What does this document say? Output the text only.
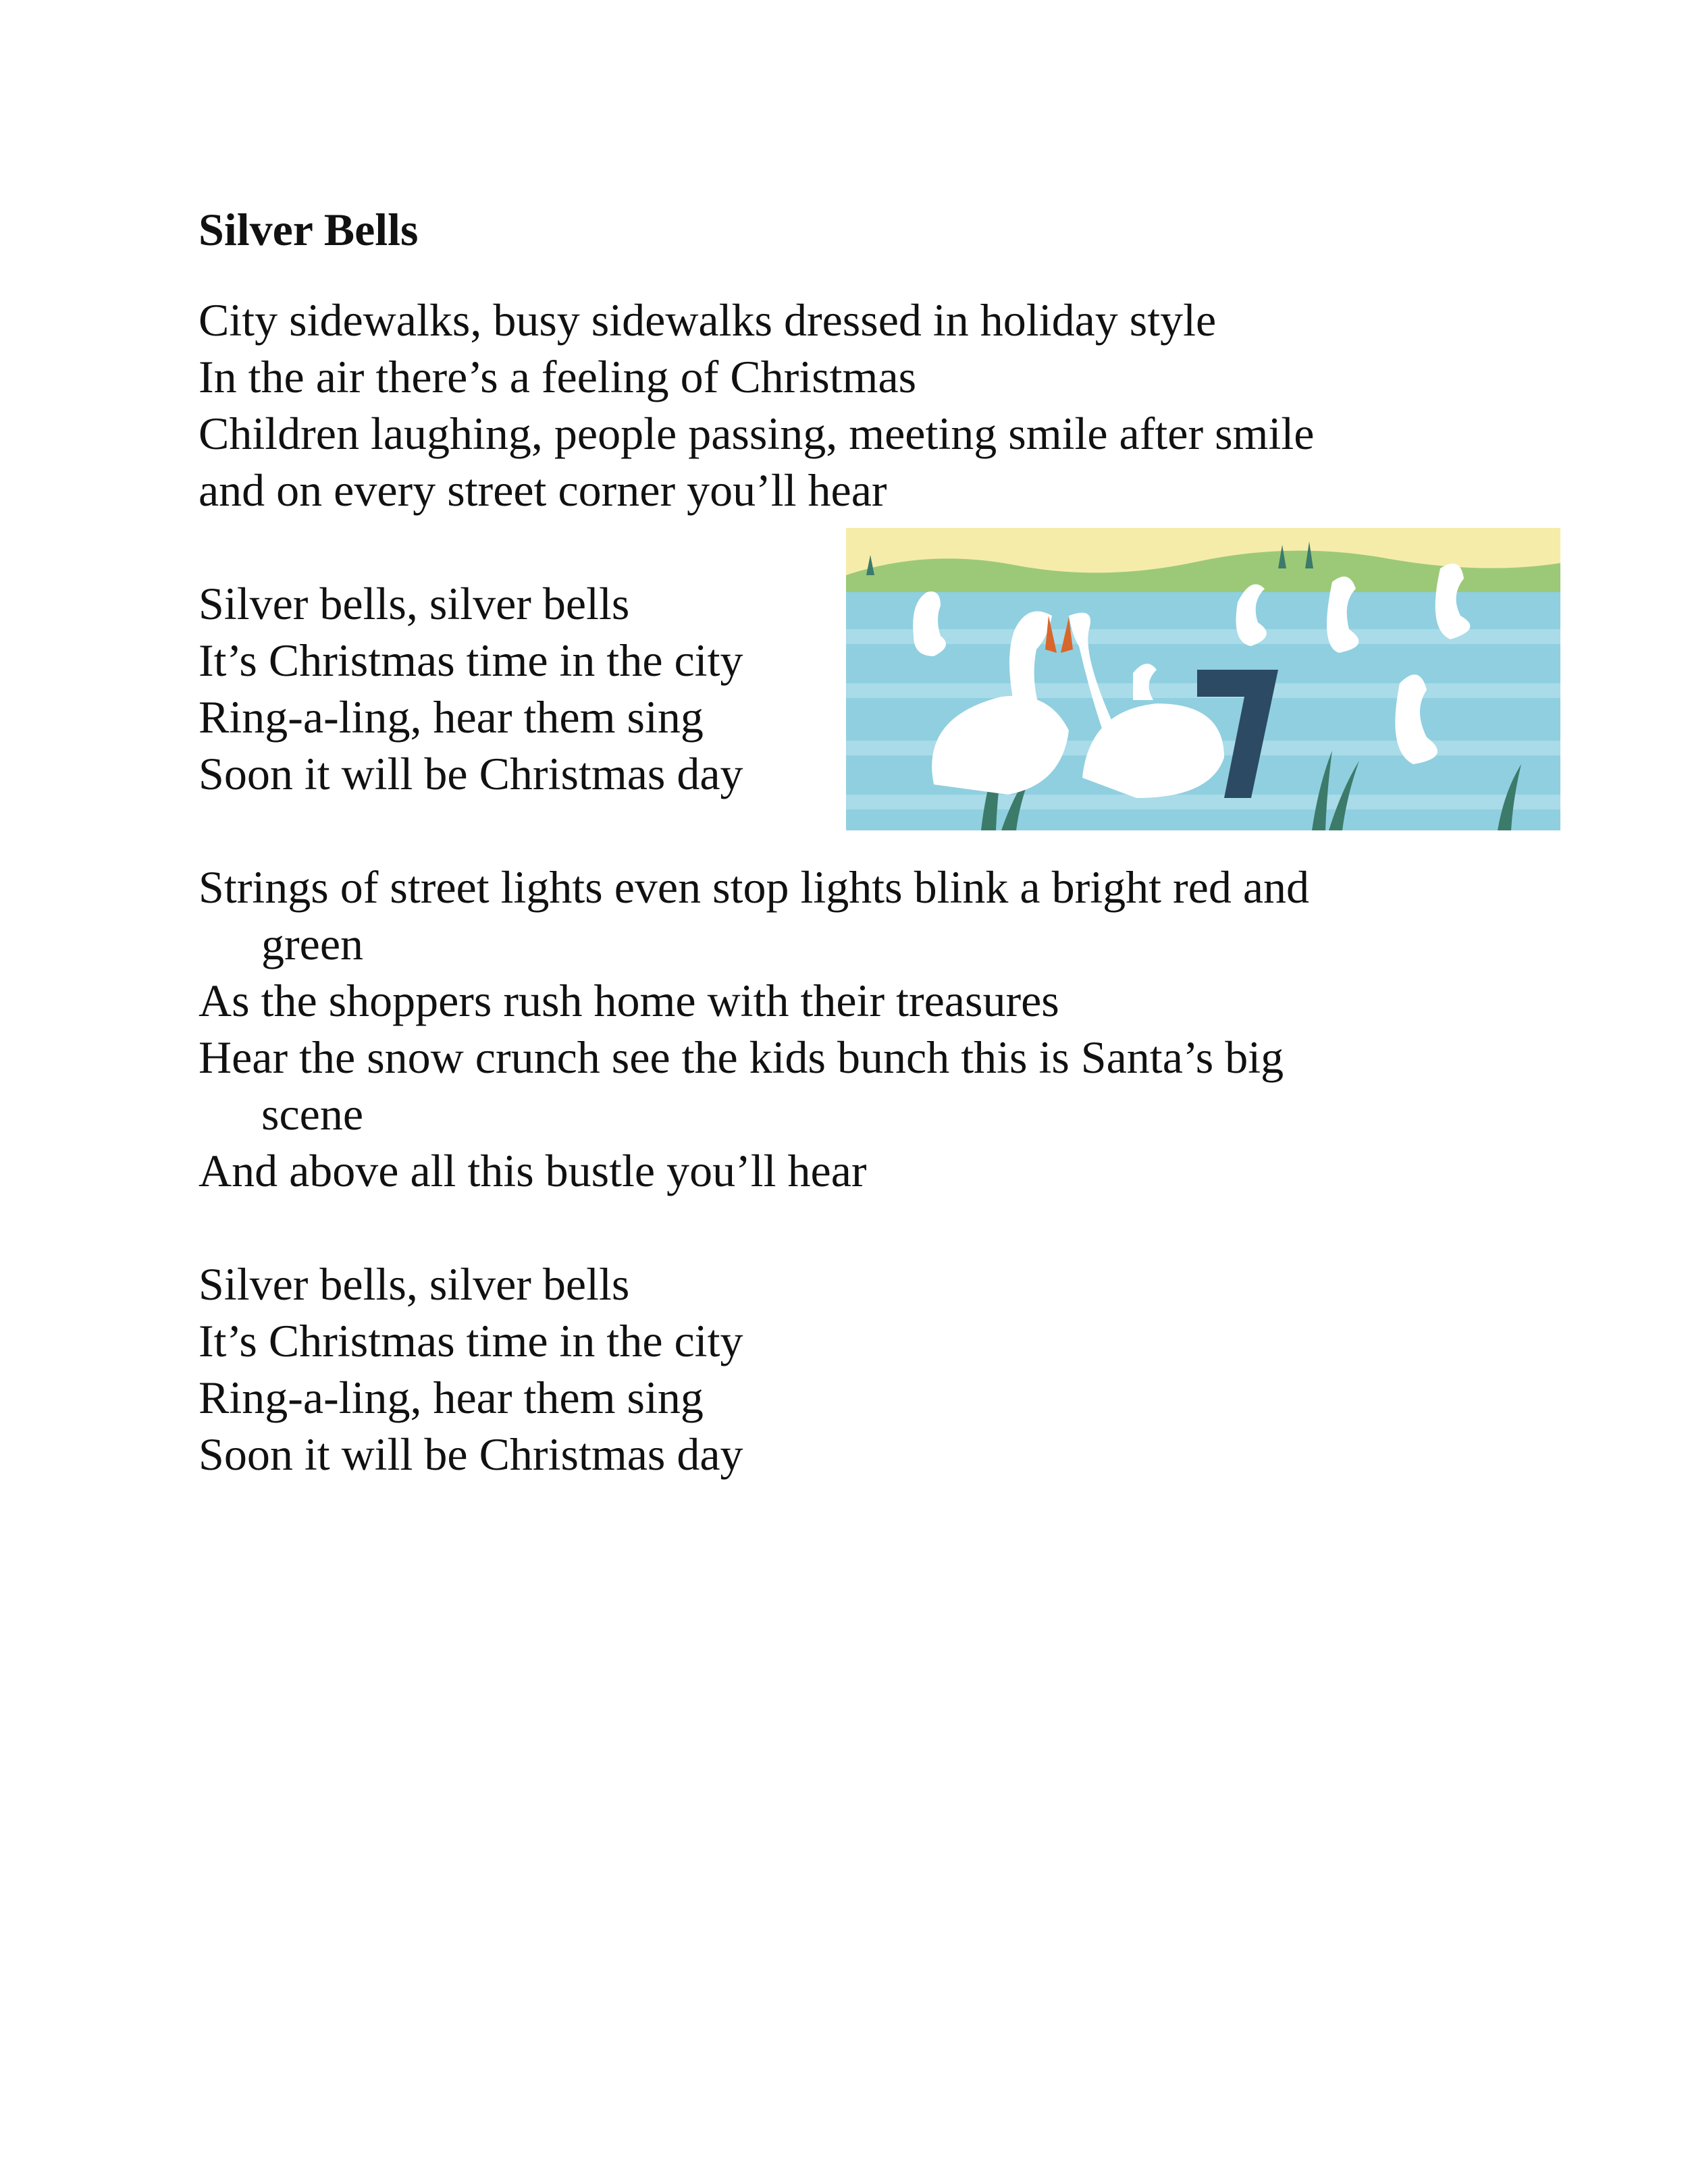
Silver Bells

City sidewalks, busy sidewalks dressed in holiday style
In the air there’s a feeling of Christmas
Children laughing, people passing, meeting smile after smile
and on every street corner you’ll hear

Silver bells, silver bells
It’s Christmas time in the city
Ring-a-ling, hear them sing
Soon it will be Christmas day	7

Strings of street lights even stop lights blink a bright red and
green
As the shoppers rush home with their treasures
Hear the snow crunch see the kids bunch this is Santa’s big
scene
And above all this bustle you’ll hear

Silver bells, silver bells
It’s Christmas time in the city
Ring-a-ling, hear them sing
Soon it will be Christmas day
